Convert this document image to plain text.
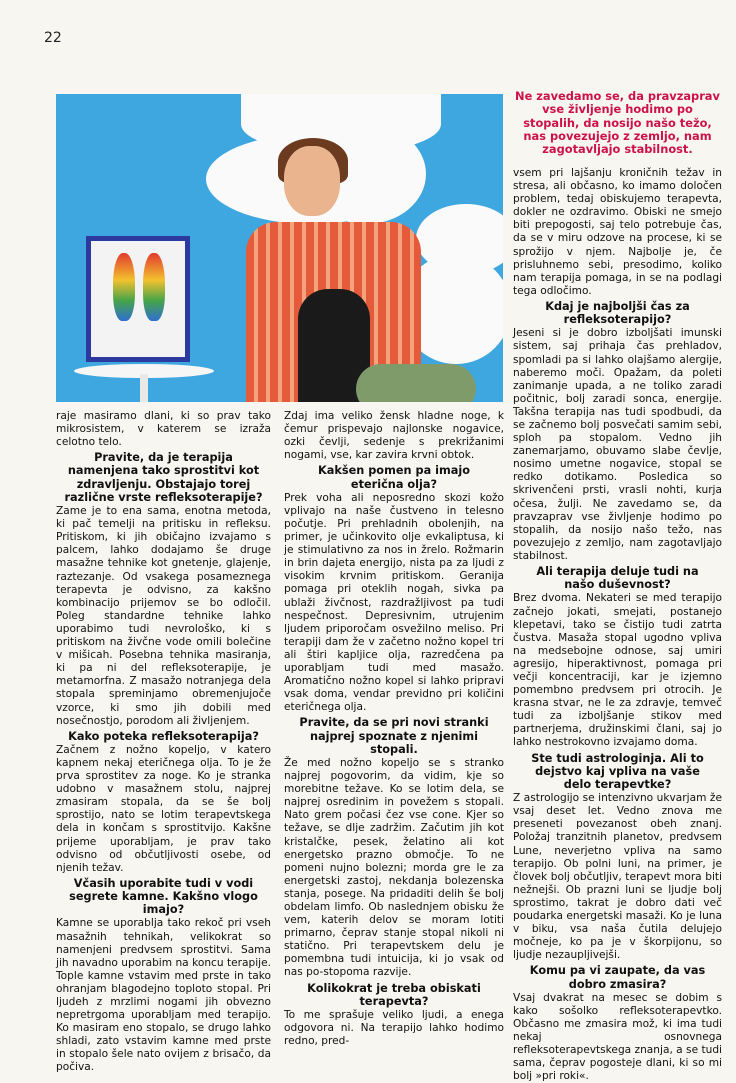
22
Ne zavedamo se, da pravzaprav vse življenje hodimo po stopalih, da nosijo našo težo, nas povezujejo z zemljo, nam zagotavljajo stabilnost.

raje masiramo dlani, ki so prav tako mikrosistem, v katerem se izraža celotno telo.

Pravite, da je terapija namenjena tako sprostitvi kot zdravljenju. Obstajajo torej različne vrste refleksoterapije?

Zame je to ena sama, enotna metoda, ki pač temelji na pritisku in refleksu. Pritiskom, ki jih običajno izvajamo s palcem, lahko dodajamo še druge masažne tehnike kot gnetenje, glajenje, raztezanje. Od vsakega posameznega terapevta je odvisno, za kakšno kombinacijo prijemov se bo odločil. Poleg standardne tehnike lahko uporabimo tudi nevrološko, ki s pritiskom na živčne vode omili bolečine v mišicah. Posebna tehnika masiranja, ki pa ni del refleksoterapije, je metamorfna. Z masažo notranjega dela stopala spreminjamo obremenjujoče vzorce, ki smo jih dobili med nosečnostjo, porodom ali življenjem.

Kako poteka refleksoterapija?

Začnem z nožno kopeljo, v katero kapnem nekaj eteričnega olja. To je že prva sprostitev za noge. Ko je stranka udobno v masažnem stolu, najprej zmasiram stopala, da se še bolj sprostijo, nato se lotim terapevtskega dela in končam s sprostitvijo. Kakšne prijeme uporabljam, je prav tako odvisno od občutljivosti osebe, od njenih težav.

Včasih uporabite tudi v vodi segrete kamne. Kakšno vlogo imajo?

Kamne se uporablja tako rekoč pri vseh masažnih tehnikah, velikokrat so namenjeni predvsem sprostitvi. Sama jih navadno uporabim na koncu terapije. Tople kamne vstavim med prste in tako ohranjam blagodejno toploto stopal. Pri ljudeh z mrzlimi nogami jih obvezno nepretrgoma uporabljam med terapijo. Ko masiram eno stopalo, se drugo lahko shladi, zato vstavim kamne med prste in stopalo šele nato ovijem z brisačo, da počiva.

Zdaj ima veliko žensk hladne noge, k čemur prispevajo najlonske nogavice, ozki čevlji, sedenje s prekrižanimi nogami, vse, kar zavira krvni obtok.

Kakšen pomen pa imajo eterična olja?

Prek voha ali neposredno skozi kožo vplivajo na naše čustveno in telesno počutje. Pri prehladnih obolenjih, na primer, je učinkovito olje evkaliptusa, ki je stimulativno za nos in žrelo. Rožmarin in brin dajeta energijo, nista pa za ljudi z visokim krvnim pritiskom. Geranija pomaga pri oteklih nogah, sivka pa ublaži živčnost, razdražljivost pa tudi nespečnost. Depresivnim, utrujenim ljudem priporočam osvežilno meliso. Pri terapiji dam že v začetno nožno kopel tri ali štiri kapljice olja, razredčena pa uporabljam tudi med masažo. Aromatično nožno kopel si lahko pripravi vsak doma, vendar previdno pri količini eteričnega olja.

Pravite, da se pri novi stranki najprej spoznate z njenimi stopali.

Že med nožno kopeljo se s stranko najprej pogovorim, da vidim, kje so morebitne težave. Ko se lotim dela, se najprej osredinim in povežem s stopali. Nato grem počasi čez vse cone. Kjer so težave, se dlje zadržim. Začutim jih kot kristalčke, pesek, želatino ali kot energetsko prazno območje. To ne pomeni nujno bolezni; morda gre le za energetski zastoj, nekdanja bolezenska stanja, posege. Na pridaditi delih še bolj obdelam limfo. Ob naslednjem obisku že vem, katerih delov se moram lotiti primarno, čeprav stanje stopal nikoli ni statično. Pri terapevtskem delu je pomembna tudi intuicija, ki jo vsak od nas po-stopoma razvije.

Kolikokrat je treba obiskati terapevta?

To me sprašuje veliko ljudi, a enega odgovora ni. Na terapijo lahko hodimo redno, pred-

vsem pri lajšanju kroničnih težav in stresa, ali občasno, ko imamo določen problem, tedaj obiskujemo terapevta, dokler ne ozdravimo. Obiski ne smejo biti prepogosti, saj telo potrebuje čas, da se v miru odzove na procese, ki se sprožijo v njem. Najbolje je, če prisluhnemo sebi, presodimo, koliko nam terapija pomaga, in se na podlagi tega odločimo.

Kdaj je najboljši čas za refleksoterapijo?

Jeseni si je dobro izboljšati imunski sistem, saj prihaja čas prehladov, spomladi pa si lahko olajšamo alergije, naberemo moči. Opažam, da poleti zanimanje upada, a ne toliko zaradi počitnic, bolj zaradi sonca, energije. Takšna terapija nas tudi spodbudi, da se začnemo bolj posvečati samim sebi, sploh pa stopalom. Vedno jih zanemarjamo, obuvamo slabe čevlje, nosimo umetne nogavice, stopal se redko dotikamo. Posledica so skrivenčeni prsti, vrasli nohti, kurja očesa, žulji. Ne zavedamo se, da pravzaprav vse življenje hodimo po stopalih, da nosijo našo težo, nas povezujejo z zemljo, nam zagotavljajo stabilnost.

Ali terapija deluje tudi na našo duševnost?

Brez dvoma. Nekateri se med terapijo začnejo jokati, smejati, postanejo klepetavi, tako se čistijo tudi zatrta čustva. Masaža stopal ugodno vpliva na medsebojne odnose, saj umiri agresijo, hiperaktivnost, pomaga pri večji koncentraciji, kar je izjemno pomembno predvsem pri otrocih. Je krasna stvar, ne le za zdravje, temveč tudi za izboljšanje stikov med partnerjema, družinskimi člani, saj jo lahko nestrokovno izvajamo doma.

Ste tudi astrologinja. Ali to dejstvo kaj vpliva na vaše delo terapevtke?

Z astrologijo se intenzivno ukvarjam že vsaj deset let. Vedno znova me preseneti povezanost obeh znanj. Položaj tranzitnih planetov, predvsem Lune, neverjetno vpliva na samo terapijo. Ob polni luni, na primer, je človek bolj občutljiv, terapevt mora biti nežnejši. Ob prazni luni se ljudje bolj sprostimo, takrat je dobro dati več poudarka energetski masaži. Ko je luna v biku, vsa naša čutila delujejo močneje, ko pa je v škorpijonu, so ljudje nezaupljivejši.

Komu pa vi zaupate, da vas dobro zmasira?

Vsaj dvakrat na mesec se dobim s kako sošolko refleksoterapevtko. Občasno me zmasira mož, ki ima tudi nekaj osnovnega refleksoterapevtskega znanja, a se tudi sama, čeprav pogosteje dlani, ki so mi bolj »pri roki«.
